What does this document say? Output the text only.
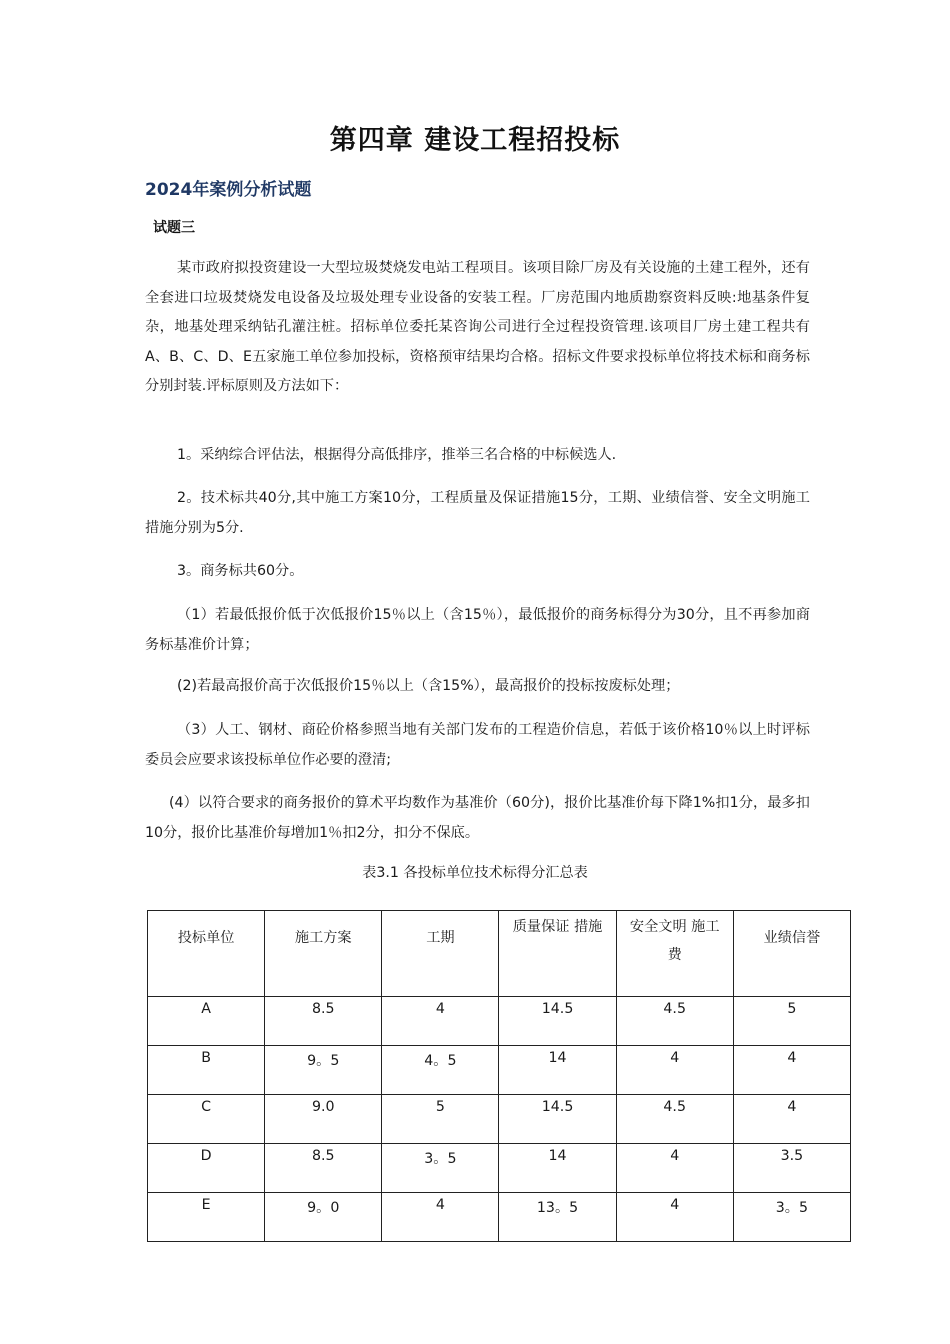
第四章 建设工程招投标
2024年案例分析试题
试题三

某市政府拟投资建设一大型垃圾焚烧发电站工程项目。该项目除厂房及有关设施的土建工程外，还有全套进口垃圾焚烧发电设备及垃圾处理专业设备的安装工程。厂房范围内地质勘察资料反映:地基条件复杂，地基处理采纳钻孔灌注桩。招标单位委托某咨询公司进行全过程投资管理.该项目厂房土建工程共有A、B、C、D、E五家施工单位参加投标，资格预审结果均合格。招标文件要求投标单位将技术标和商务标分别封装.评标原则及方法如下：

1。采纳综合评估法，根据得分高低排序，推举三名合格的中标候选人.

2。技术标共40分,其中施工方案10分，工程质量及保证措施15分，工期、业绩信誉、安全文明施工措施分别为5分.

3。商务标共60分。

（1）若最低报价低于次低报价15％以上（含15％），最低报价的商务标得分为30分，且不再参加商务标基准价计算；

(2)若最高报价高于次低报价15％以上（含15%），最高报价的投标按废标处理；

（3）人工、钢材、商砼价格参照当地有关部门发布的工程造价信息，若低于该价格10％以上时评标委员会应要求该投标单位作必要的澄清;

(4）以符合要求的商务报价的算术平均数作为基准价（60分)，报价比基准价每下降1%扣1分，最多扣10分，报价比基准价每增加1％扣2分，扣分不保底。

表3.1 各投标单位技术标得分汇总表
投标单位	施工方案	工期	质量保证 措施	安全文明 施工费	业绩信誉
A	8.5	4	14.5	4.5	5
B	9。5	4。5	14	4	4
C	9.0	5	14.5	4.5	4
D	8.5	3。5	14	4	3.5
E	9。0	4	13。5	4	3。5
